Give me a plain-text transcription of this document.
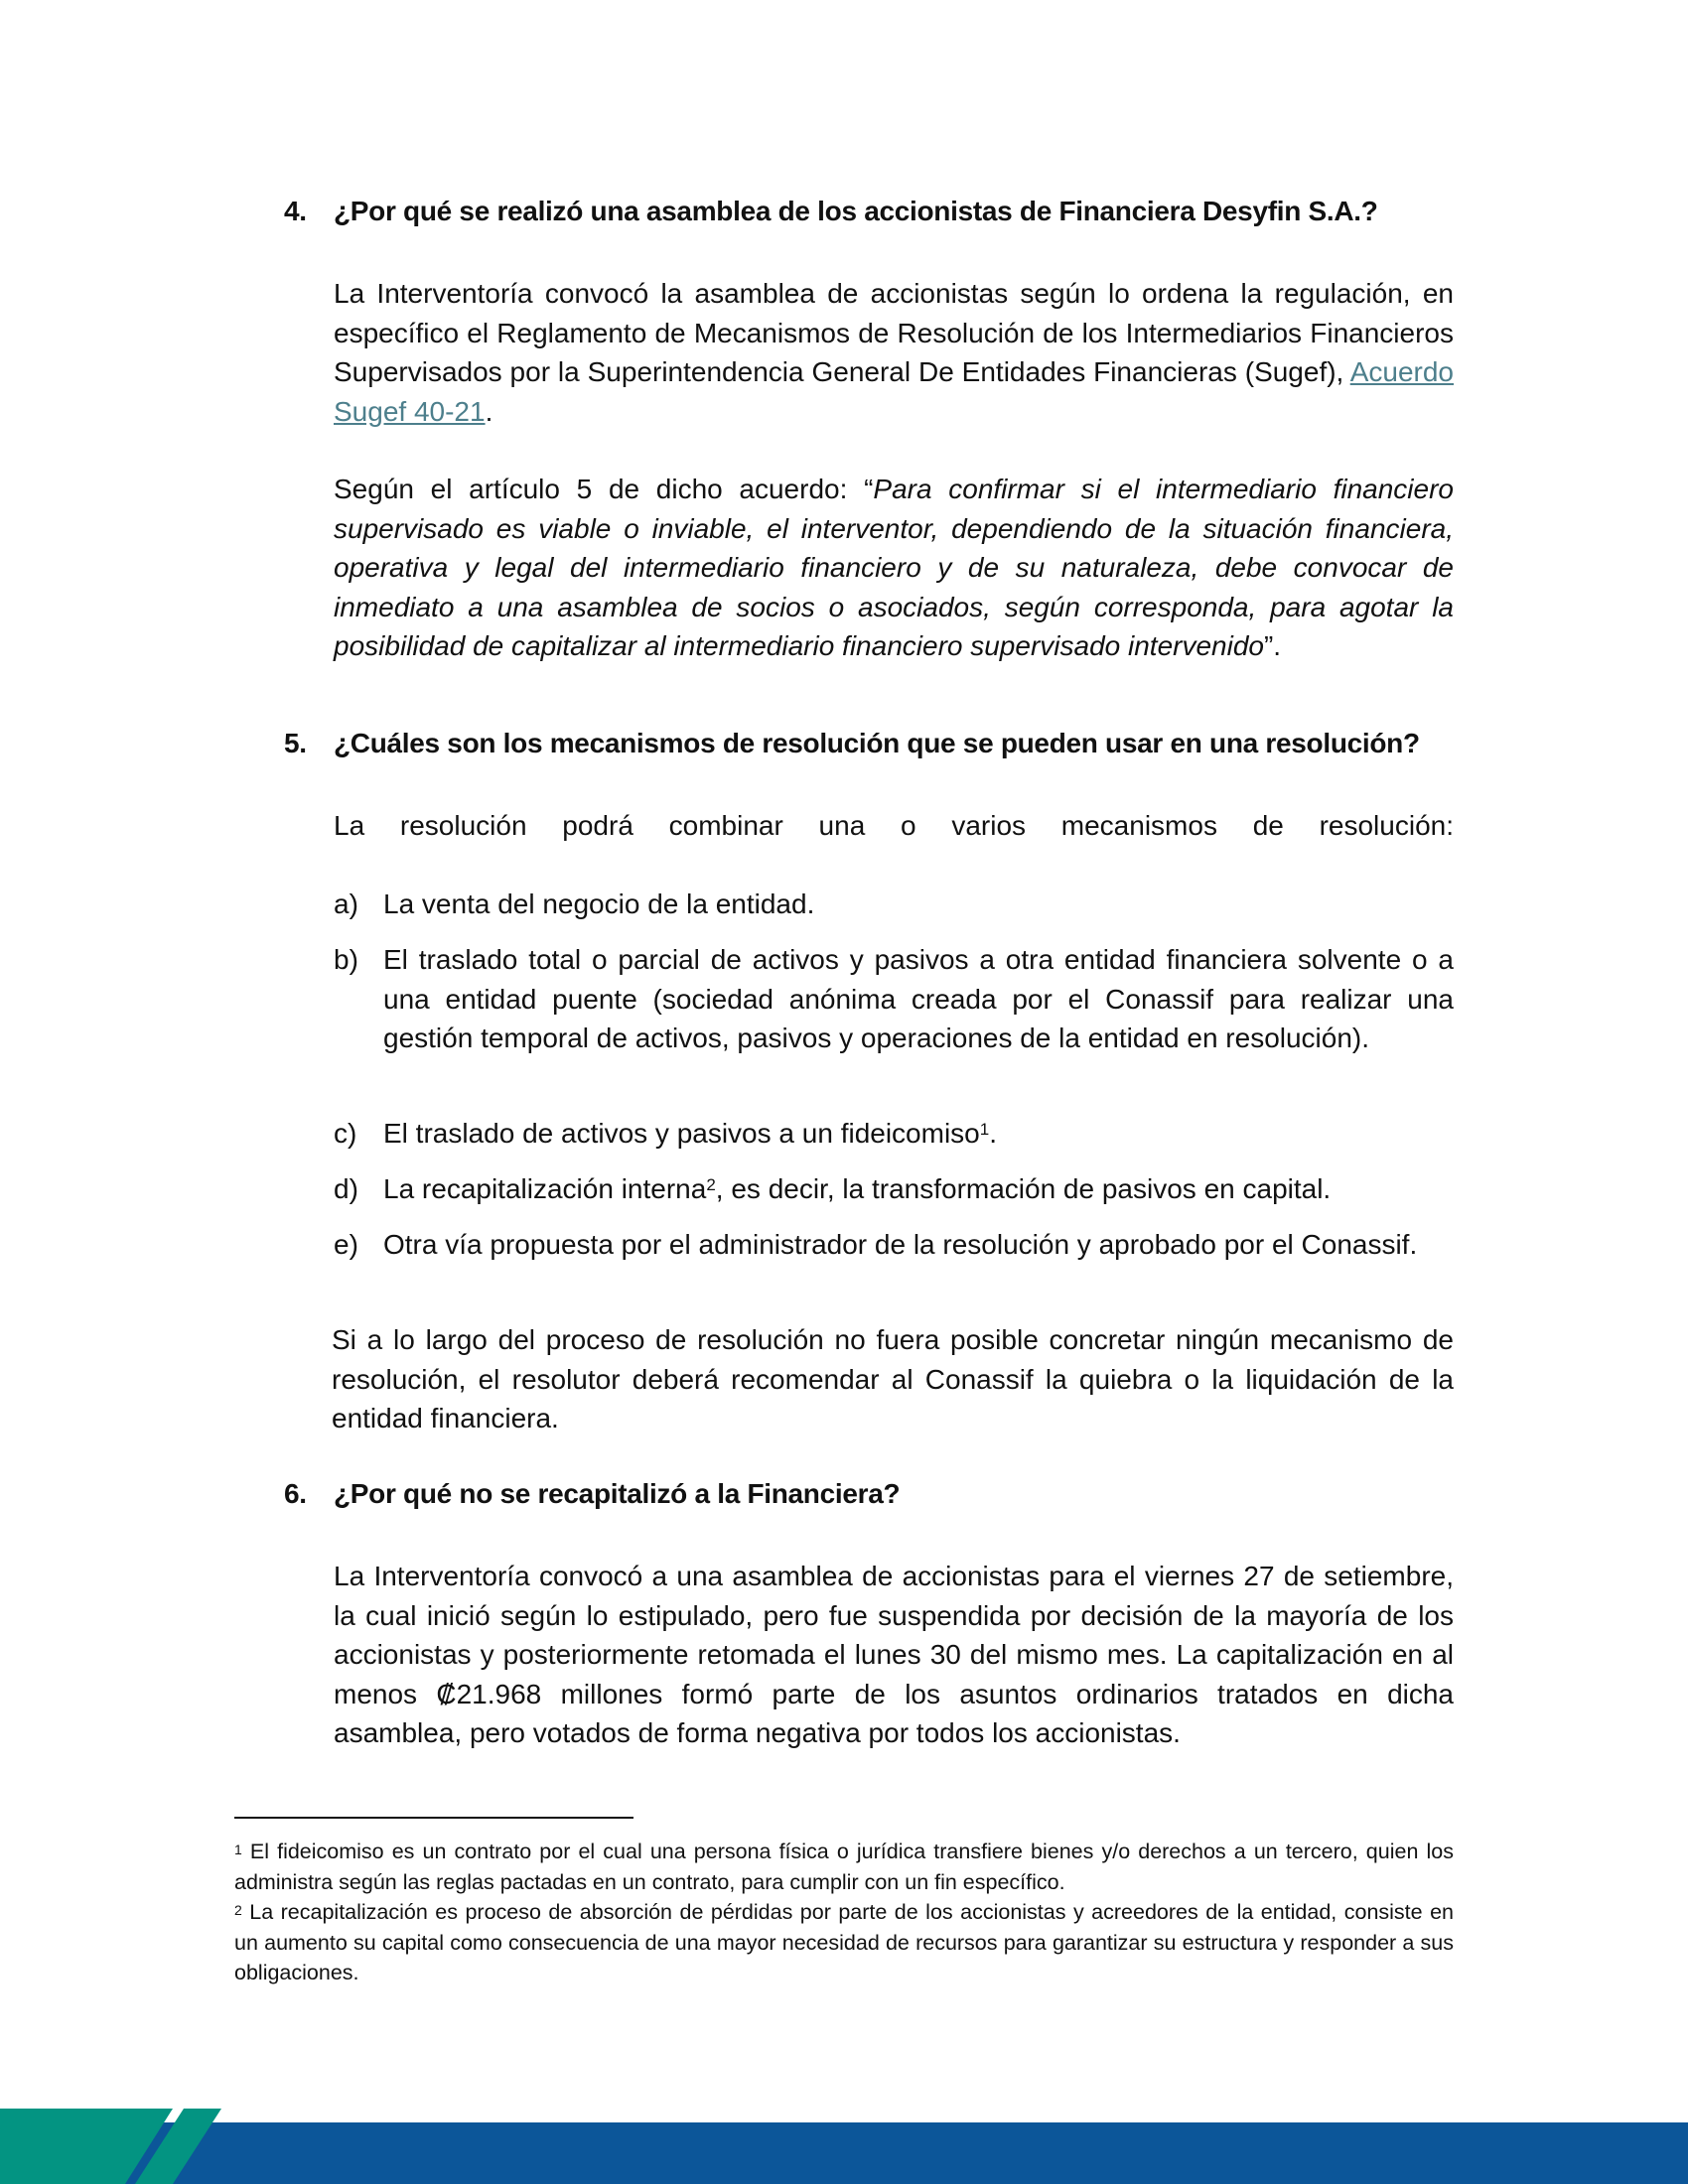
4. ¿Por qué se realizó una asamblea de los accionistas de Financiera Desyfin S.A.?
La Interventoría convocó la asamblea de accionistas según lo ordena la regulación, en específico el Reglamento de Mecanismos de Resolución de los Intermediarios Financieros Supervisados por la Superintendencia General De Entidades Financieras (Sugef), Acuerdo Sugef 40-21.
Según el artículo 5 de dicho acuerdo: “Para confirmar si el intermediario financiero supervisado es viable o inviable, el interventor, dependiendo de la situación financiera, operativa y legal del intermediario financiero y de su naturaleza, debe convocar de inmediato a una asamblea de socios o asociados, según corresponda, para agotar la posibilidad de capitalizar al intermediario financiero supervisado intervenido”.
5. ¿Cuáles son los mecanismos de resolución que se pueden usar en una resolución?
La resolución podrá combinar una o varios mecanismos de resolución:
a) La venta del negocio de la entidad.
b) El traslado total o parcial de activos y pasivos a otra entidad financiera solvente o a una entidad puente (sociedad anónima creada por el Conassif para realizar una gestión temporal de activos, pasivos y operaciones de la entidad en resolución).
c) El traslado de activos y pasivos a un fideicomiso$^1$.
d) La recapitalización interna$^2$, es decir, la transformación de pasivos en capital.
e) Otra vía propuesta por el administrador de la resolución y aprobado por el Conassif.
Si a lo largo del proceso de resolución no fuera posible concretar ningún mecanismo de resolución, el resolutor deberá recomendar al Conassif la quiebra o la liquidación de la entidad financiera.
6. ¿Por qué no se recapitalizó a la Financiera?
La Interventoría convocó a una asamblea de accionistas para el viernes 27 de setiembre, la cual inició según lo estipulado, pero fue suspendida por decisión de la mayoría de los accionistas y posteriormente retomada el lunes 30 del mismo mes. La capitalización en al menos ₡21.968 millones formó parte de los asuntos ordinarios tratados en dicha asamblea, pero votados de forma negativa por todos los accionistas.
$^1$ El fideicomiso es un contrato por el cual una persona física o jurídica transfiere bienes y/o derechos a un tercero, quien los administra según las reglas pactadas en un contrato, para cumplir con un fin específico.
$^2$ La recapitalización es proceso de absorción de pérdidas por parte de los accionistas y acreedores de la entidad, consiste en un aumento su capital como consecuencia de una mayor necesidad de recursos para garantizar su estructura y responder a sus obligaciones.
